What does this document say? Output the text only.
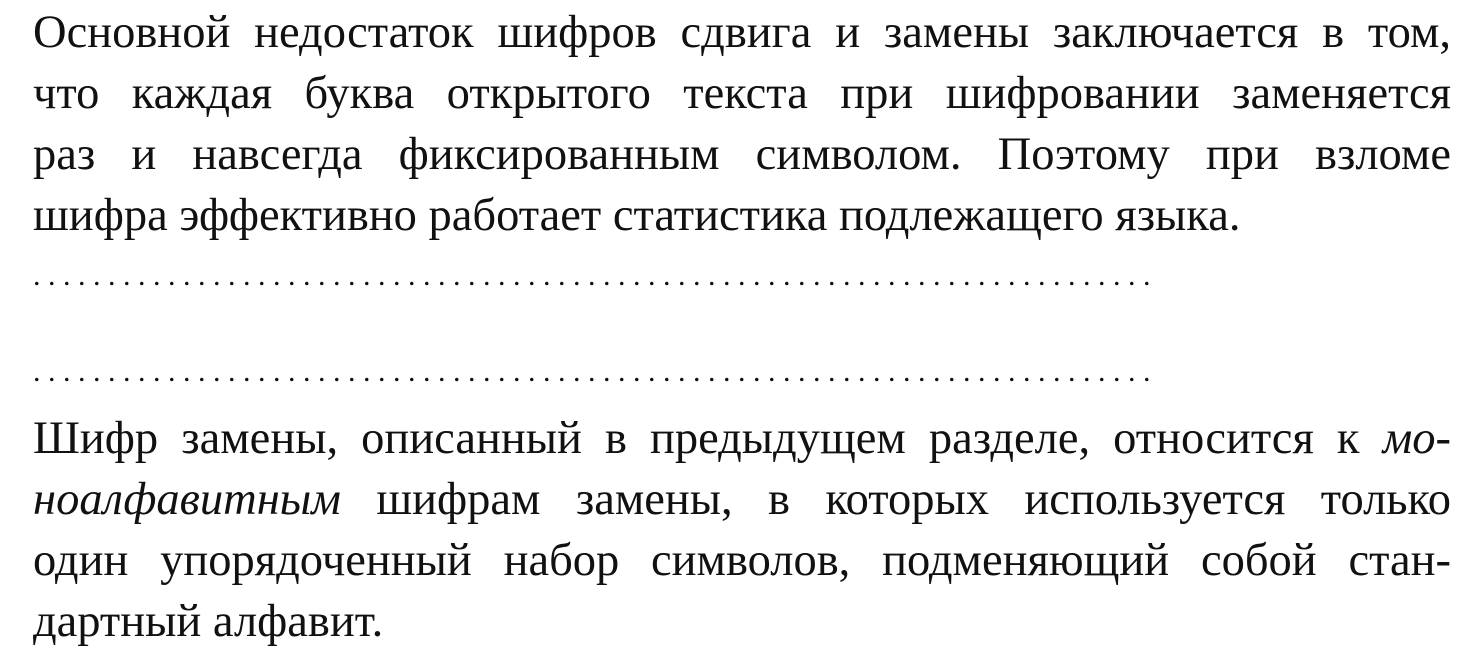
Основной недостаток шифров сдвига и замены заключается в том,
что каждая буква открытого текста при шифровании заменяется
раз и навсегда фиксированным символом. Поэтому при взломе
шифра эффективно работает статистика подлежащего языка.

. . . . . . . . . . . . . . . . . . . . . . . . . . . . . . . . . . . . . . . . . . . . . . . . . . . . . . . . . . . . . . . . . . . . . . . . . . .
. . . . . . . . . . . . . . . . . . . . . . . . . . . . . . . . . . . . . . . . . . . . . . . . . . . . . . . . . . . . . . . . . . . . . . . . . . .

Шифр замены, описанный в предыдущем разделе, относится к мо-
ноалфавитным шифрам замены, в которых используется только
один упорядоченный набор символов, подменяющий собой стан-
дартный алфавит.
